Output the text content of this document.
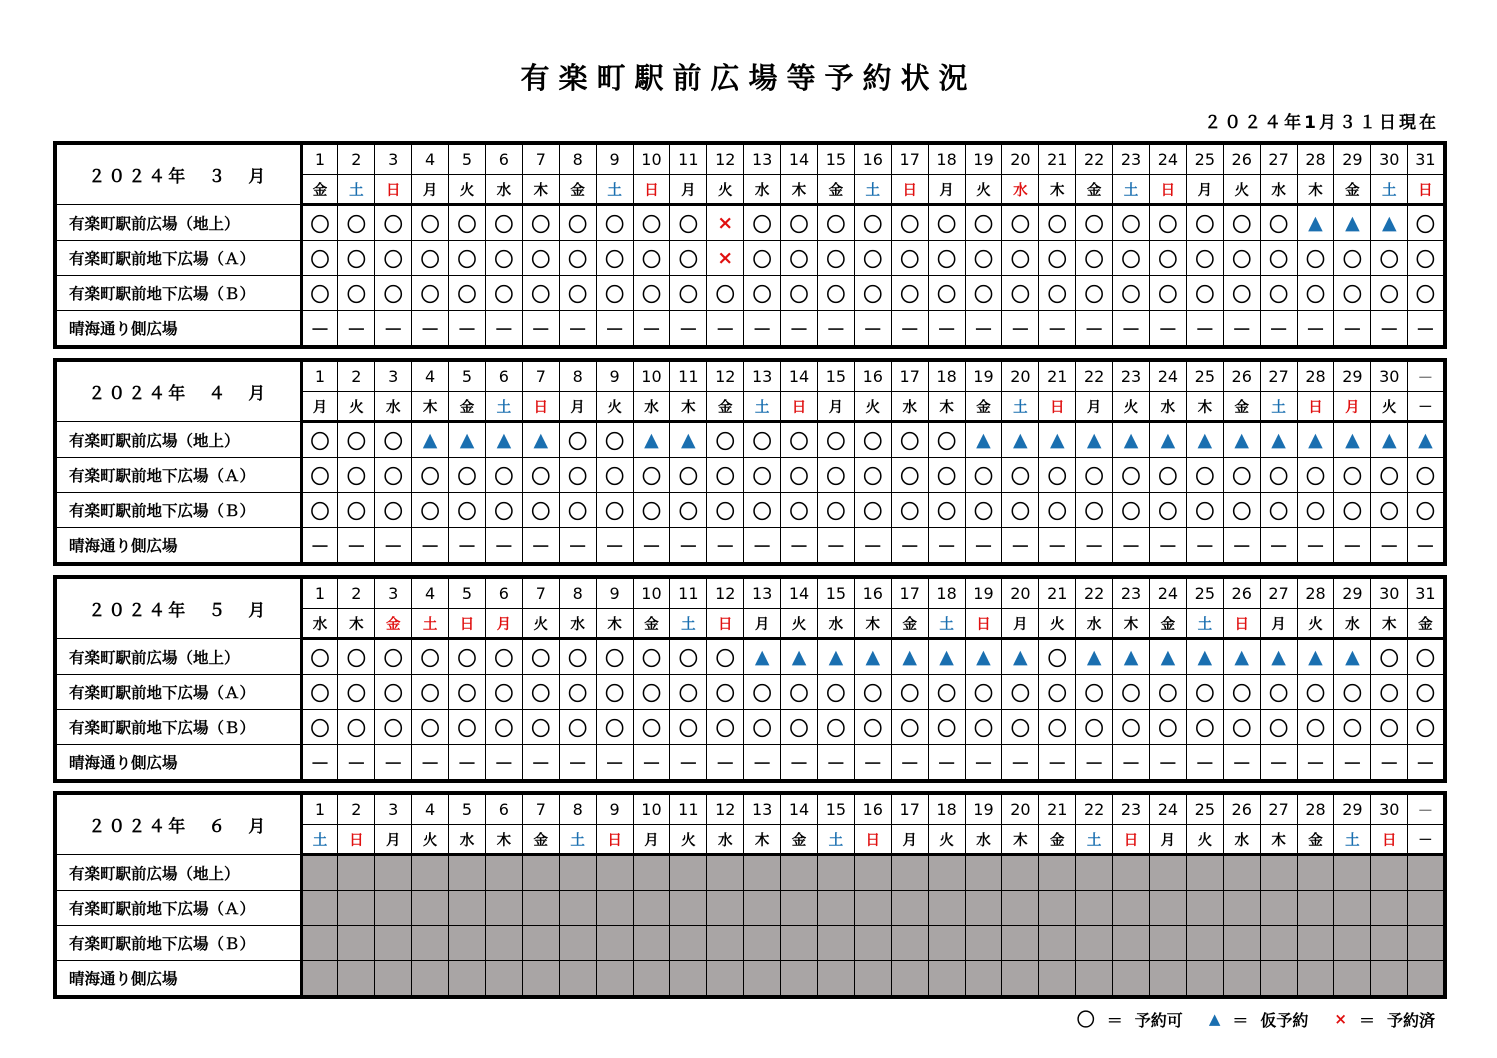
有楽町駅前広場等予約状況
２０２４年1月３１日現在
２０２４年　３　月	1	2	3	4	5	6	7	8	9	10	11	12	13	14	15	16	17	18	19	20	21	22	23	24	25	26	27	28	29	30	31
	金	土	日	月	火	水	木	金	土	日	月	火	水	木	金	土	日	月	火	水	木	金	土	日	月	火	水	木	金	土	日
有楽町駅前広場（地上）	〇	〇	〇	〇	〇	〇	〇	〇	〇	〇	〇	×	〇	〇	〇	〇	〇	〇	〇	〇	〇	〇	〇	〇	〇	〇	〇	▲	▲	▲	〇
有楽町駅前地下広場（Ａ）	〇	〇	〇	〇	〇	〇	〇	〇	〇	〇	〇	×	〇	〇	〇	〇	〇	〇	〇	〇	〇	〇	〇	〇	〇	〇	〇	〇	〇	〇	〇
有楽町駅前地下広場（Ｂ）	〇	〇	〇	〇	〇	〇	〇	〇	〇	〇	〇	〇	〇	〇	〇	〇	〇	〇	〇	〇	〇	〇	〇	〇	〇	〇	〇	〇	〇	〇	〇
晴海通り側広場	－	－	－	－	－	－	－	－	－	－	－	－	－	－	－	－	－	－	－	－	－	－	－	－	－	－	－	－	－	－	－
２０２４年　４　月	1	2	3	4	5	6	7	8	9	10	11	12	13	14	15	16	17	18	19	20	21	22	23	24	25	26	27	28	29	30	－
	月	火	水	木	金	土	日	月	火	水	木	金	土	日	月	火	水	木	金	土	日	月	火	水	木	金	土	日	月	火	－
有楽町駅前広場（地上）	〇	〇	〇	▲	▲	▲	▲	〇	〇	▲	▲	〇	〇	〇	〇	〇	〇	〇	▲	▲	▲	▲	▲	▲	▲	▲	▲	▲	▲	▲	▲
有楽町駅前地下広場（Ａ）	〇	〇	〇	〇	〇	〇	〇	〇	〇	〇	〇	〇	〇	〇	〇	〇	〇	〇	〇	〇	〇	〇	〇	〇	〇	〇	〇	〇	〇	〇	〇
有楽町駅前地下広場（Ｂ）	〇	〇	〇	〇	〇	〇	〇	〇	〇	〇	〇	〇	〇	〇	〇	〇	〇	〇	〇	〇	〇	〇	〇	〇	〇	〇	〇	〇	〇	〇	〇
晴海通り側広場	－	－	－	－	－	－	－	－	－	－	－	－	－	－	－	－	－	－	－	－	－	－	－	－	－	－	－	－	－	－	－
２０２４年　５　月	1	2	3	4	5	6	7	8	9	10	11	12	13	14	15	16	17	18	19	20	21	22	23	24	25	26	27	28	29	30	31
	水	木	金	土	日	月	火	水	木	金	土	日	月	火	水	木	金	土	日	月	火	水	木	金	土	日	月	火	水	木	金
有楽町駅前広場（地上）	〇	〇	〇	〇	〇	〇	〇	〇	〇	〇	〇	〇	▲	▲	▲	▲	▲	▲	▲	▲	〇	▲	▲	▲	▲	▲	▲	▲	▲	〇	〇
有楽町駅前地下広場（Ａ）	〇	〇	〇	〇	〇	〇	〇	〇	〇	〇	〇	〇	〇	〇	〇	〇	〇	〇	〇	〇	〇	〇	〇	〇	〇	〇	〇	〇	〇	〇	〇
有楽町駅前地下広場（Ｂ）	〇	〇	〇	〇	〇	〇	〇	〇	〇	〇	〇	〇	〇	〇	〇	〇	〇	〇	〇	〇	〇	〇	〇	〇	〇	〇	〇	〇	〇	〇	〇
晴海通り側広場	－	－	－	－	－	－	－	－	－	－	－	－	－	－	－	－	－	－	－	－	－	－	－	－	－	－	－	－	－	－	－
２０２４年　６　月	1	2	3	4	5	6	7	8	9	10	11	12	13	14	15	16	17	18	19	20	21	22	23	24	25	26	27	28	29	30	－
	土	日	月	火	水	木	金	土	日	月	火	水	木	金	土	日	月	火	水	木	金	土	日	月	火	水	木	金	土	日	－
有楽町駅前広場（地上）																															
有楽町駅前地下広場（Ａ）																															
有楽町駅前地下広場（Ｂ）																															
晴海通り側広場																															
〇 ＝ 予約可 ▲ ＝ 仮予約 × ＝ 予約済
